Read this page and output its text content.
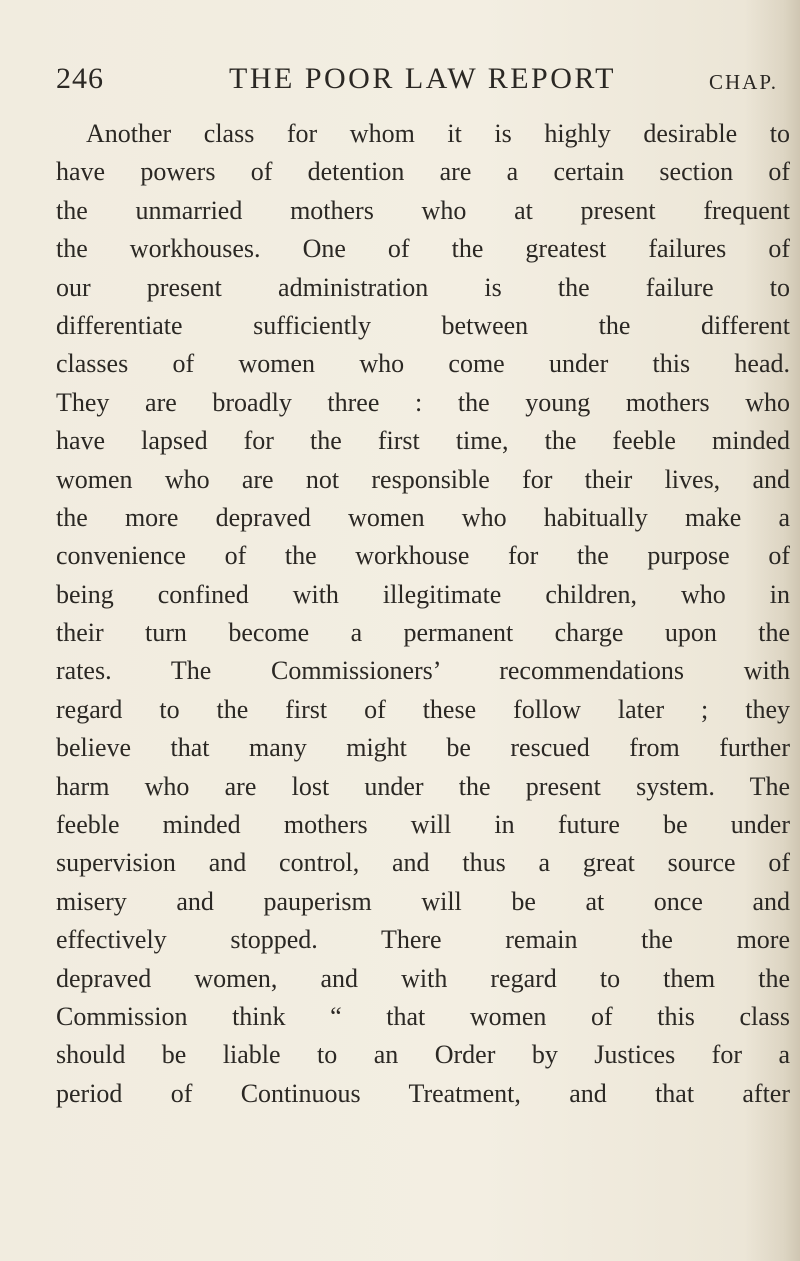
246	THE POOR LAW REPORT	CHAP.
Another class for whom it is highly desirable to
have powers of detention are a certain section of
the unmarried mothers who at present frequent
the workhouses. One of the greatest failures of
our present administration is the failure to
differentiate sufficiently between the different
classes of women who come under this head.
They are broadly three : the young mothers who
have lapsed for the first time, the feeble minded
women who are not responsible for their lives, and
the more depraved women who habitually make a
convenience of the workhouse for the purpose of
being confined with illegitimate children, who in
their turn become a permanent charge upon the
rates. The Commissioners’ recommendations with
regard to the first of these follow later ; they
believe that many might be rescued from further
harm who are lost under the present system. The
feeble minded mothers will in future be under
supervision and control, and thus a great source of
misery and pauperism will be at once and
effectively stopped. There remain the more
depraved women, and with regard to them the
Commission think “ that women of this class
should be liable to an Order by Justices for a
period of Continuous Treatment, and that after
